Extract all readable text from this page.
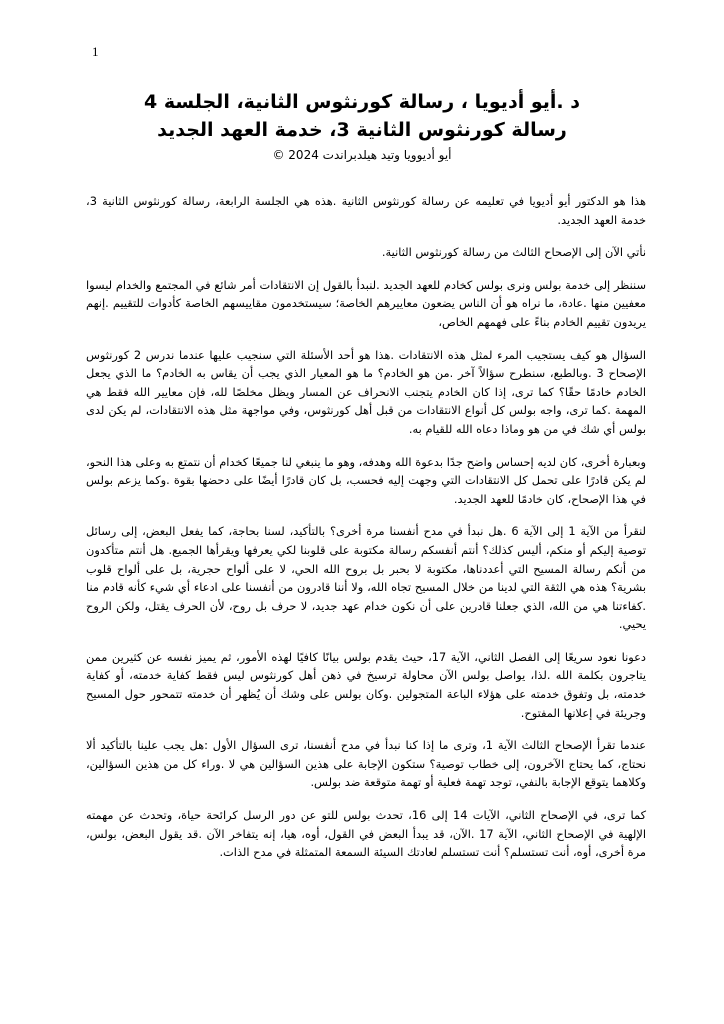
1
د .أيو أديويا ، رسالة كورنثوس الثانية، الجلسة 4
رسالة كورنثوس الثانية 3، خدمة العهد الجديد
© 2024 أيو أديوويا وتيد هيلدبراندت

هذا هو الدكتور أيو أديويا في تعليمه عن رسالة كورنثوس الثانية .هذه هي الجلسة الرابعة، رسالة كورنثوس الثانية 3، خدمة العهد الجديد.

نأتي الآن إلى الإصحاح الثالث من رسالة كورنثوس الثانية.

سننظر إلى خدمة بولس ونرى بولس كخادم للعهد الجديد .لنبدأ بالقول إن الانتقادات أمر شائع في المجتمع والخدام ليسوا معفيين منها .عادة، ما نراه هو أن الناس يضعون معاييرهم الخاصة؛ سيستخدمون مقاييسهم الخاصة كأدوات للتقييم .إنهم يريدون تقييم الخادم بناءً على فهمهم الخاص،

السؤال هو كيف يستجيب المرء لمثل هذه الانتقادات .هذا هو أحد الأسئلة التي سنجيب عليها عندما ندرس 2 كورنثوس الإصحاح 3 .وبالطبع، سنطرح سؤالاً آخر .من هو الخادم؟ ما هو المعيار الذي يجب أن يقاس به الخادم؟ ما الذي يجعل الخادم خادمًا حقًا؟ كما ترى، إذا كان الخادم يتجنب الانحراف عن المسار ويظل مخلصًا لله، فإن معايير الله فقط هي المهمة .كما ترى، واجه بولس كل أنواع الانتقادات من قبل أهل كورنثوس، وفي مواجهة مثل هذه الانتقادات، لم يكن لدى بولس أي شك في من هو وماذا دعاه الله للقيام به.

وبعبارة أخرى، كان لديه إحساس واضح جدًا بدعوة الله وهدفه، وهو ما ينبغي لنا جميعًا كخدام أن نتمتع به وعلى هذا النحو، لم يكن قادرًا على تحمل كل الانتقادات التي وجهت إليه فحسب، بل كان قادرًا أيضًا على دحضها بقوة .وكما يزعم بولس في هذا الإصحاح، كان خادمًا للعهد الجديد.

لنقرأ من الآية 1 إلى الآية 6 .هل نبدأ في مدح أنفسنا مرة أخرى؟ بالتأكيد، لسنا بحاجة، كما يفعل البعض، إلى رسائل توصية إليكم أو منكم، أليس كذلك؟ أنتم أنفسكم رسالة مكتوبة على قلوبنا لكي يعرفها ويقرأها الجميع. هل أنتم متأكدون من أنكم رسالة المسيح التي أعددناها، مكتوبة لا بحبر بل بروح الله الحي، لا على ألواح حجرية، بل على ألواح قلوب بشرية؟ هذه هي الثقة التي لدينا من خلال المسيح تجاه الله، ولا أننا قادرون من أنفسنا على ادعاء أي شيء كأنه قادم منا .كفاءتنا هي من الله، الذي جعلنا قادرين على أن نكون خدام عهد جديد، لا حرف بل روح، لأن الحرف يقتل، ولكن الروح يحيي.

دعونا نعود سريعًا إلى الفصل الثاني، الآية 17، حيث يقدم بولس بيانًا كافيًا لهذه الأمور، ثم يميز نفسه عن كثيرين ممن يتاجرون بكلمة الله .لذا، يواصل بولس الآن محاولة ترسيخ في ذهن أهل كورنثوس ليس فقط كفاية خدمته، أو كفاية خدمته، بل وتفوق خدمته على هؤلاء الباعة المتجولين .وكان بولس على وشك أن يُظهر أن خدمته تتمحور حول المسيح وجريئة في إعلانها المفتوح.

عندما تقرأ الإصحاح الثالث الآية 1، وترى ما إذا كنا نبدأ في مدح أنفسنا، ترى السؤال الأول :هل يجب علينا بالتأكيد ألا نحتاج، كما يحتاج الآخرون، إلى خطاب توصية؟ ستكون الإجابة على هذين السؤالين هي لا .وراء كل من هذين السؤالين، وكلاهما يتوقع الإجابة بالنفي، توجد تهمة فعلية أو تهمة متوقعة ضد بولس.

كما ترى، في الإصحاح الثاني، الآيات 14 إلى 16، تحدث بولس للتو عن دور الرسل كرائحة حياة، وتحدث عن مهمته الإلهية في الإصحاح الثاني، الآية 17 .الآن، قد يبدأ البعض في القول، أوه، هيا، إنه يتفاخر الآن .قد يقول البعض، بولس، مرة أخرى، أوه، أنت تستسلم؟ أنت تستسلم لعادتك السيئة السمعة المتمثلة في مدح الذات.
